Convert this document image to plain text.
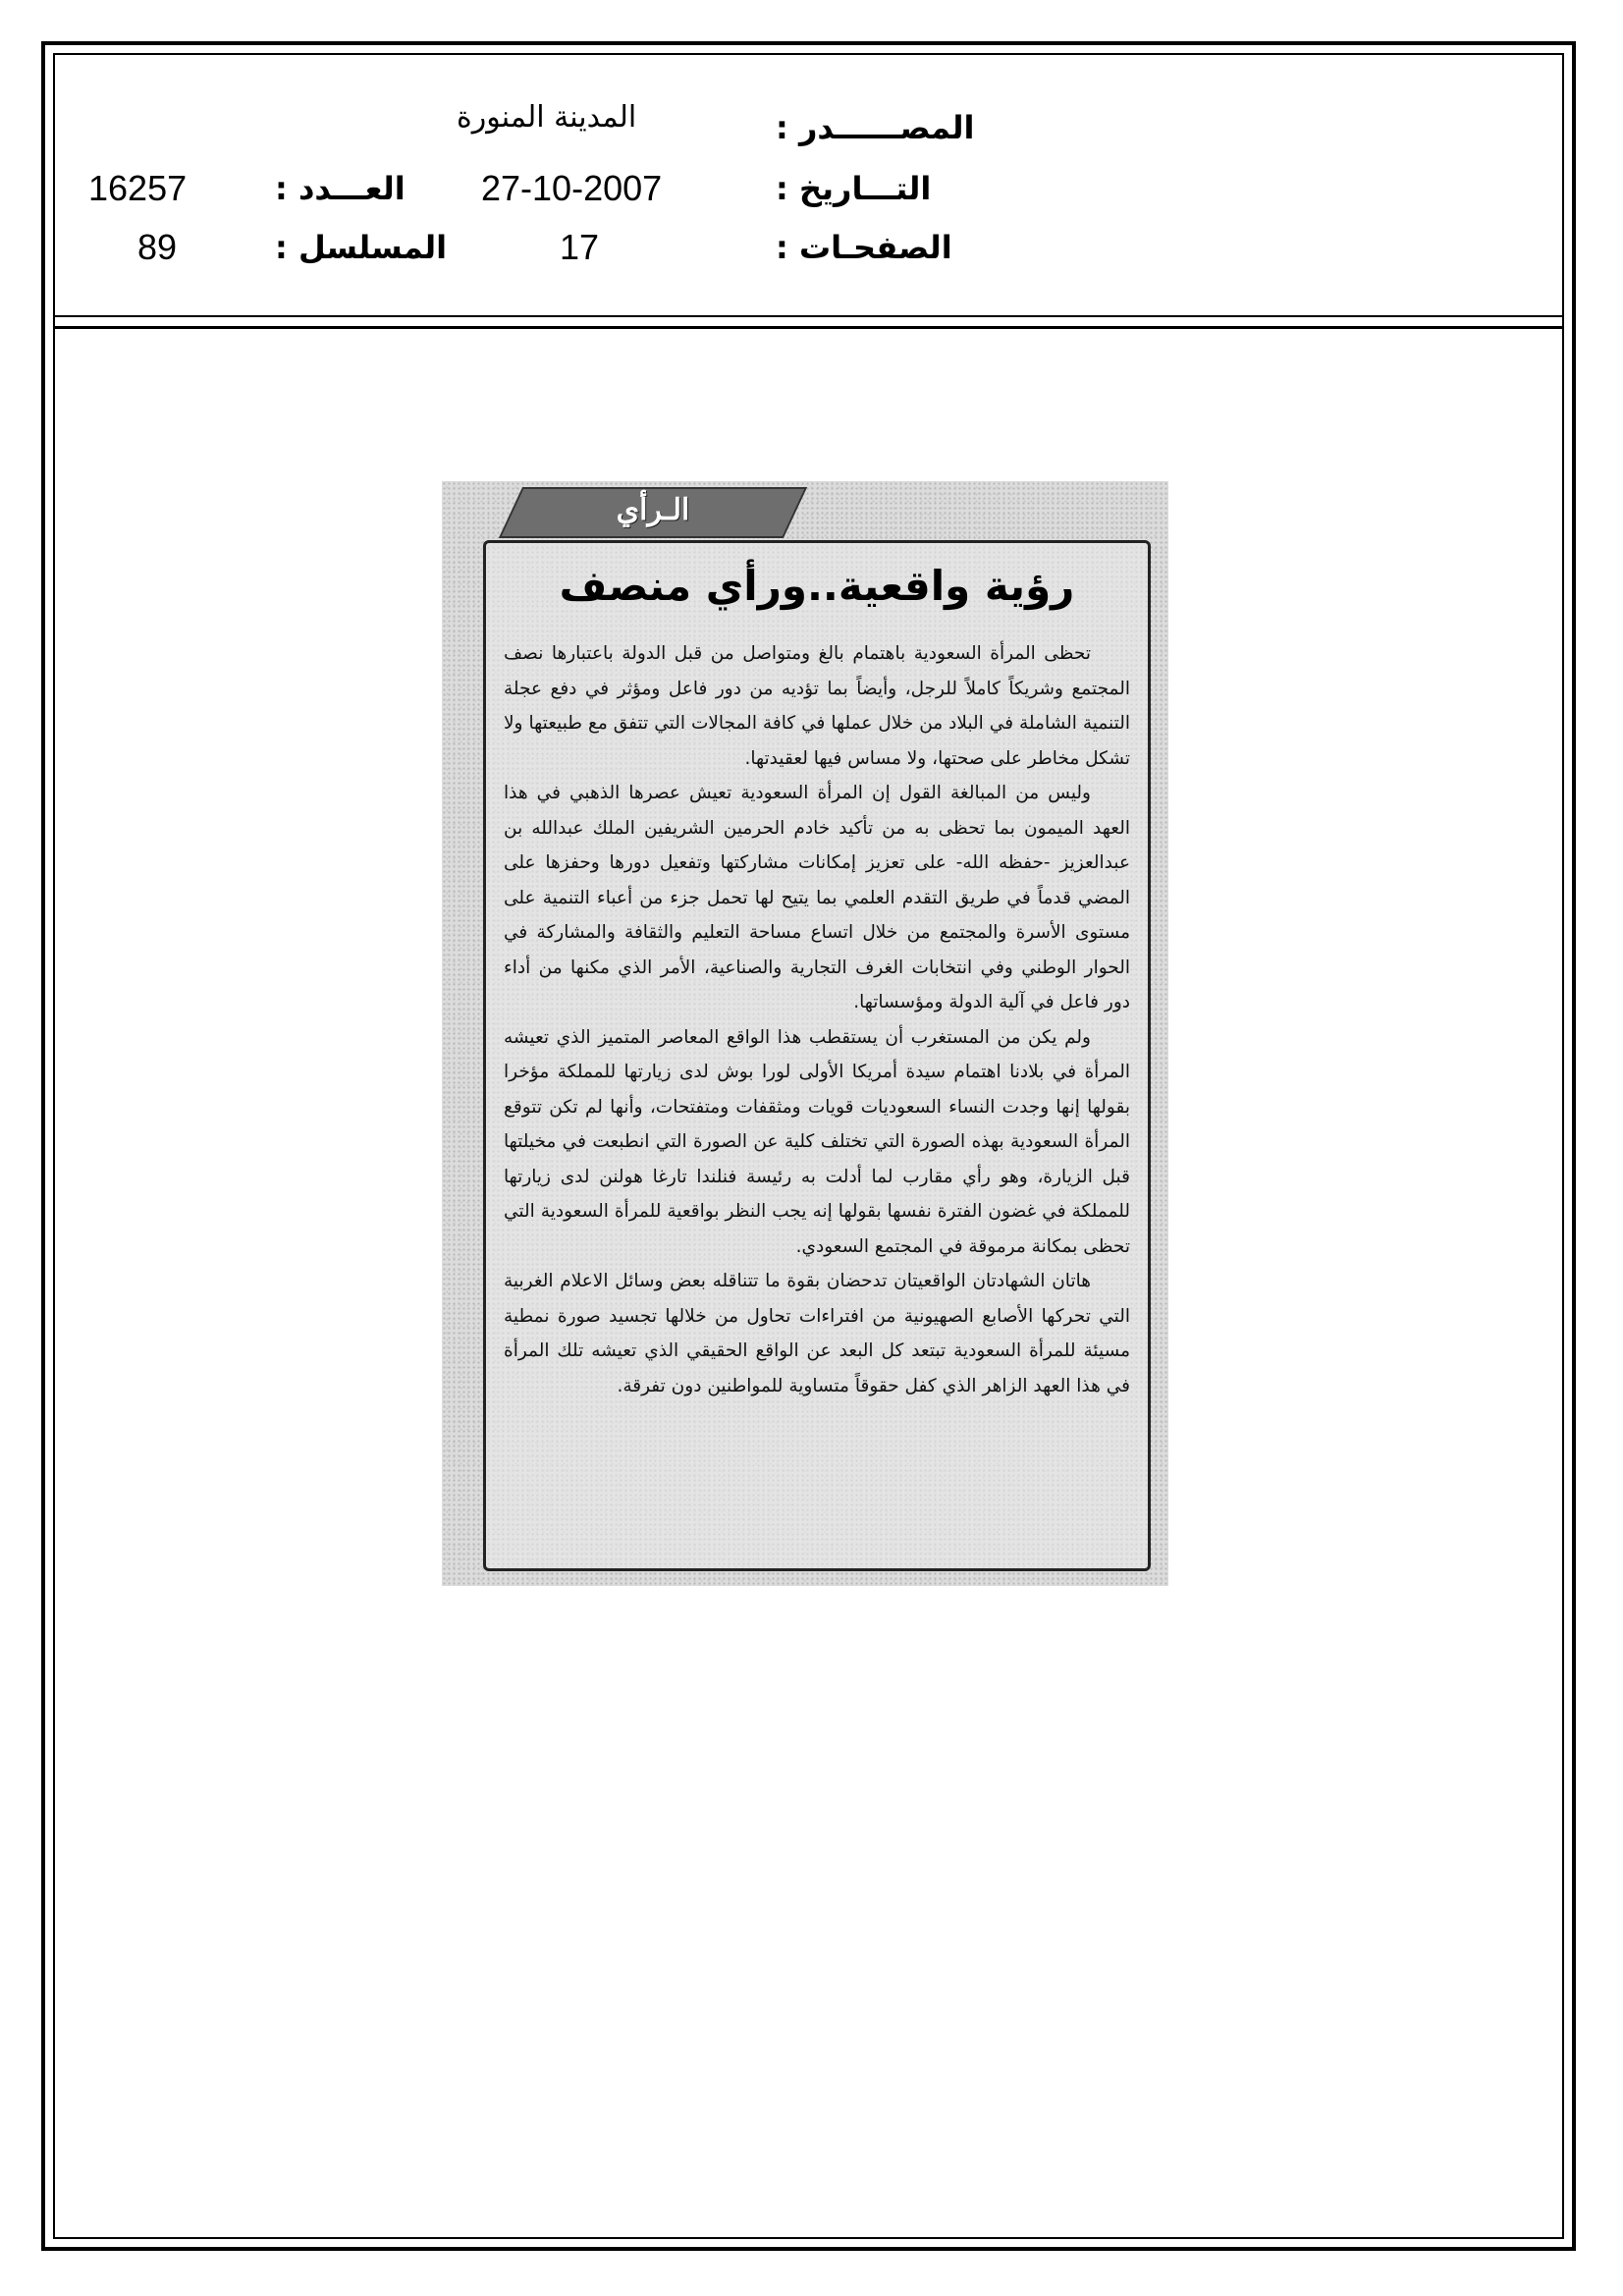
المدينة المنورة	المصــــــدر :
16257	العـــدد : 27-10-2007	التـــاريخ :
89	المسلسل :	17	الصفحـات :
الـرأي
رؤية واقعية..ورأي منصف

تحظى المرأة السعودية باهتمام بالغ ومتواصل من قبل الدولة باعتبارها نصف المجتمع وشريكاً كاملاً للرجل، وأيضاً بما تؤديه من دور فاعل ومؤثر في دفع عجلة التنمية الشاملة في البلاد من خلال عملها في كافة المجالات التي تتفق مع طبيعتها ولا تشكل مخاطر على صحتها، ولا مساس فيها لعقيدتها.

وليس من المبالغة القول إن المرأة السعودية تعيش عصرها الذهبي في هذا العهد الميمون بما تحظى به من تأكيد خادم الحرمين الشريفين الملك عبدالله بن عبدالعزيز -حفظه الله- على تعزيز إمكانات مشاركتها وتفعيل دورها وحفزها على المضي قدماً في طريق التقدم العلمي بما يتيح لها تحمل جزء من أعباء التنمية على مستوى الأسرة والمجتمع من خلال اتساع مساحة التعليم والثقافة والمشاركة في الحوار الوطني وفي انتخابات الغرف التجارية والصناعية، الأمر الذي مكنها من أداء دور فاعل في آلية الدولة ومؤسساتها.

ولم يكن من المستغرب أن يستقطب هذا الواقع المعاصر المتميز الذي تعيشه المرأة في بلادنا اهتمام سيدة أمريكا الأولى لورا بوش لدى زيارتها للمملكة مؤخرا بقولها إنها وجدت النساء السعوديات قويات ومثقفات ومتفتحات، وأنها لم تكن تتوقع المرأة السعودية بهذه الصورة التي تختلف كلية عن الصورة التي انطبعت في مخيلتها قبل الزيارة، وهو رأي مقارب لما أدلت به رئيسة فنلندا تارغا هولنن لدى زيارتها للمملكة في غضون الفترة نفسها بقولها إنه يجب النظر بواقعية للمرأة السعودية التي تحظى بمكانة مرموقة في المجتمع السعودي.

هاتان الشهادتان الواقعيتان تدحضان بقوة ما تتناقله بعض وسائل الاعلام الغربية التي تحركها الأصابع الصهيونية من افتراءات تحاول من خلالها تجسيد صورة نمطية مسيئة للمرأة السعودية تبتعد كل البعد عن الواقع الحقيقي الذي تعيشه تلك المرأة في هذا العهد الزاهر الذي كفل حقوقاً متساوية للمواطنين دون تفرقة.
